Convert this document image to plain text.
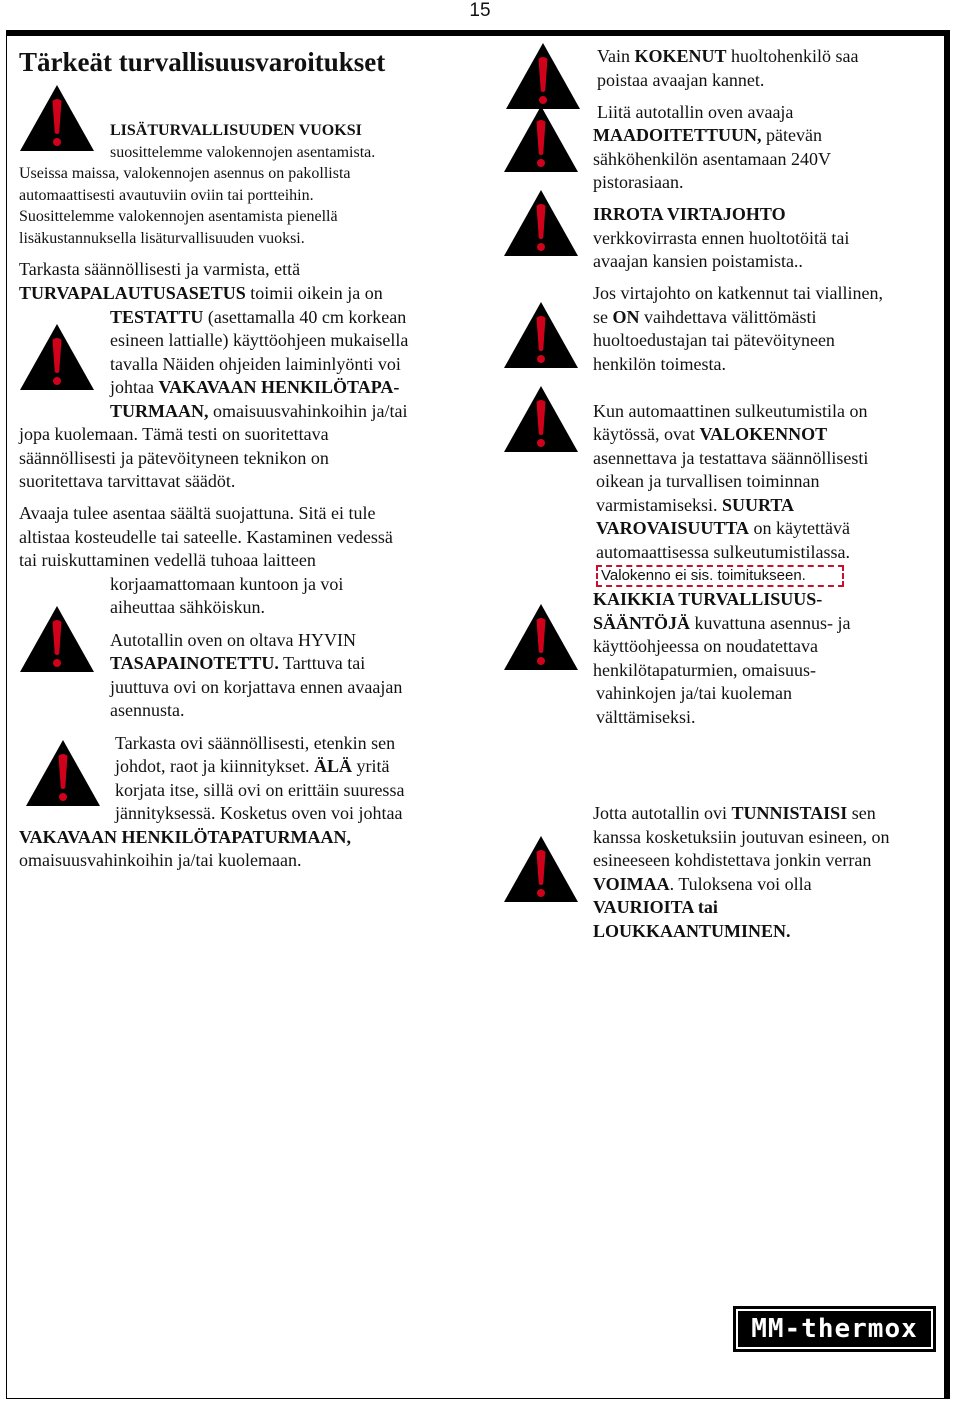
15
Tärkeät turvallisuusvaroitukset
LISÄTURVALLISUUDEN VUOKSI
suosittelemme valokennojen asentamista.
Useissa maissa, valokennojen asennus on pakollista
automaattisesti avautuviin oviin tai portteihin.
Suosittelemme valokennojen asentamista pienellä
lisäkustannuksella lisäturvallisuuden vuoksi.
Tarkasta säännöllisesti ja varmista, että
TURVAPALAUTUSASETUS toimii oikein ja on
TESTATTU (asettamalla 40 cm korkean
esineen lattialle) käyttöohjeen mukaisella
tavalla Näiden ohjeiden laiminlyönti voi
johtaa VAKAVAAN HENKILÖTAPA-
TURMAAN, omaisuusvahinkoihin ja/tai
jopa kuolemaan. Tämä testi on suoritettava
säännöllisesti ja pätevöityneen teknikon on
suoritettava tarvittavat säädöt.
Avaaja tulee asentaa säältä suojattuna. Sitä ei tule
altistaa kosteudelle tai sateelle. Kastaminen vedessä
tai ruiskuttaminen vedellä tuhoaa laitteen
korjaamattomaan kuntoon ja voi
aiheuttaa sähköiskun.
Autotallin oven on oltava HYVIN
TASAPAINOTETTU. Tarttuva tai
juuttuva ovi on korjattava ennen avaajan
asennusta.
Tarkasta ovi säännöllisesti, etenkin sen
johdot, raot ja kiinnitykset. ÄLÄ yritä
korjata itse, sillä ovi on erittäin suuressa
jännityksessä. Kosketus oven voi johtaa
VAKAVAAN HENKILÖTAPATURMAAN,
omaisuusvahinkoihin ja/tai kuolemaan.
Vain KOKENUT huoltohenkilö saa
poistaa avaajan kannet.
Liitä autotallin oven avaaja
MAADOITETTUUN, pätevän
sähköhenkilön asentamaan 240V
pistorasiaan.
IRROTA VIRTAJOHTO
verkkovirrasta ennen huoltotöitä tai
avaajan kansien poistamista..
Jos virtajohto on katkennut tai viallinen,
se ON vaihdettava välittömästi
huoltoedustajan tai pätevöityneen
henkilön toimesta.
Kun automaattinen sulkeutumistila on
käytössä, ovat VALOKENNOT
asennettava ja testattava säännöllisesti
oikean ja turvallisen toiminnan
varmistamiseksi. SUURTA
VAROVAISUUTTA on käytettävä
automaattisessa sulkeutumistilassa.
Valokenno ei sis. toimitukseen.
KAIKKIA TURVALLISUUS-
SÄÄNTÖJÄ kuvattuna asennus- ja
käyttöohjeessa on noudatettava
henkilötapaturmien, omaisuus-
vahinkojen ja/tai kuoleman
välttämiseksi.
Jotta autotallin ovi TUNNISTAISI sen
kanssa kosketuksiin joutuvan esineen, on
esineeseen kohdistettava jonkin verran
VOIMAA. Tuloksena voi olla
VAURIOITA tai
LOUKKAANTUMINEN.
MM-thermox
